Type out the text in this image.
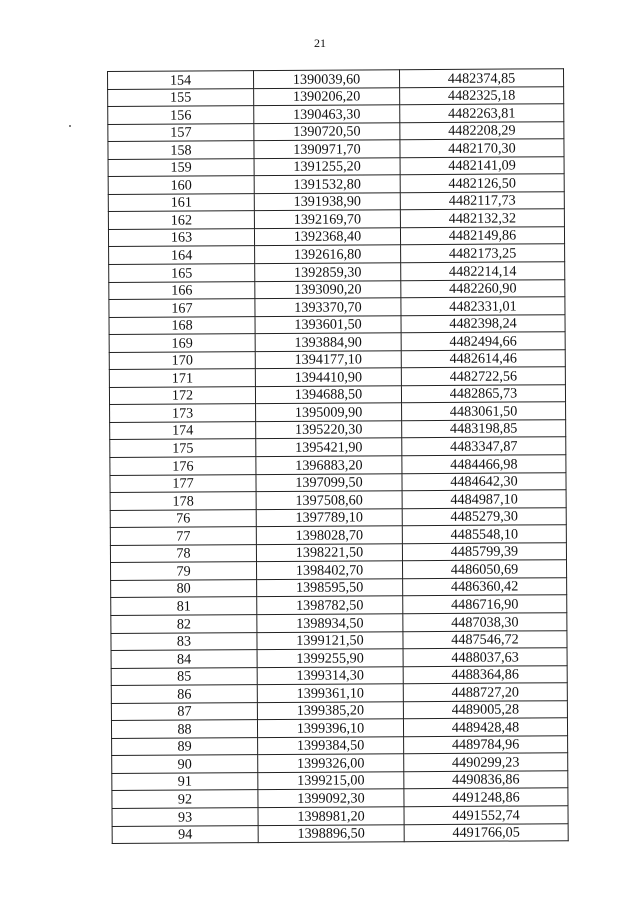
21
154	1390039,60	4482374,85
155	1390206,20	4482325,18
156	1390463,30	4482263,81
157	1390720,50	4482208,29
158	1390971,70	4482170,30
159	1391255,20	4482141,09
160	1391532,80	4482126,50
161	1391938,90	4482117,73
162	1392169,70	4482132,32
163	1392368,40	4482149,86
164	1392616,80	4482173,25
165	1392859,30	4482214,14
166	1393090,20	4482260,90
167	1393370,70	4482331,01
168	1393601,50	4482398,24
169	1393884,90	4482494,66
170	1394177,10	4482614,46
171	1394410,90	4482722,56
172	1394688,50	4482865,73
173	1395009,90	4483061,50
174	1395220,30	4483198,85
175	1395421,90	4483347,87
176	1396883,20	4484466,98
177	1397099,50	4484642,30
178	1397508,60	4484987,10
76	1397789,10	4485279,30
77	1398028,70	4485548,10
78	1398221,50	4485799,39
79	1398402,70	4486050,69
80	1398595,50	4486360,42
81	1398782,50	4486716,90
82	1398934,50	4487038,30
83	1399121,50	4487546,72
84	1399255,90	4488037,63
85	1399314,30	4488364,86
86	1399361,10	4488727,20
87	1399385,20	4489005,28
88	1399396,10	4489428,48
89	1399384,50	4489784,96
90	1399326,00	4490299,23
91	1399215,00	4490836,86
92	1399092,30	4491248,86
93	1398981,20	4491552,74
94	1398896,50	4491766,05
